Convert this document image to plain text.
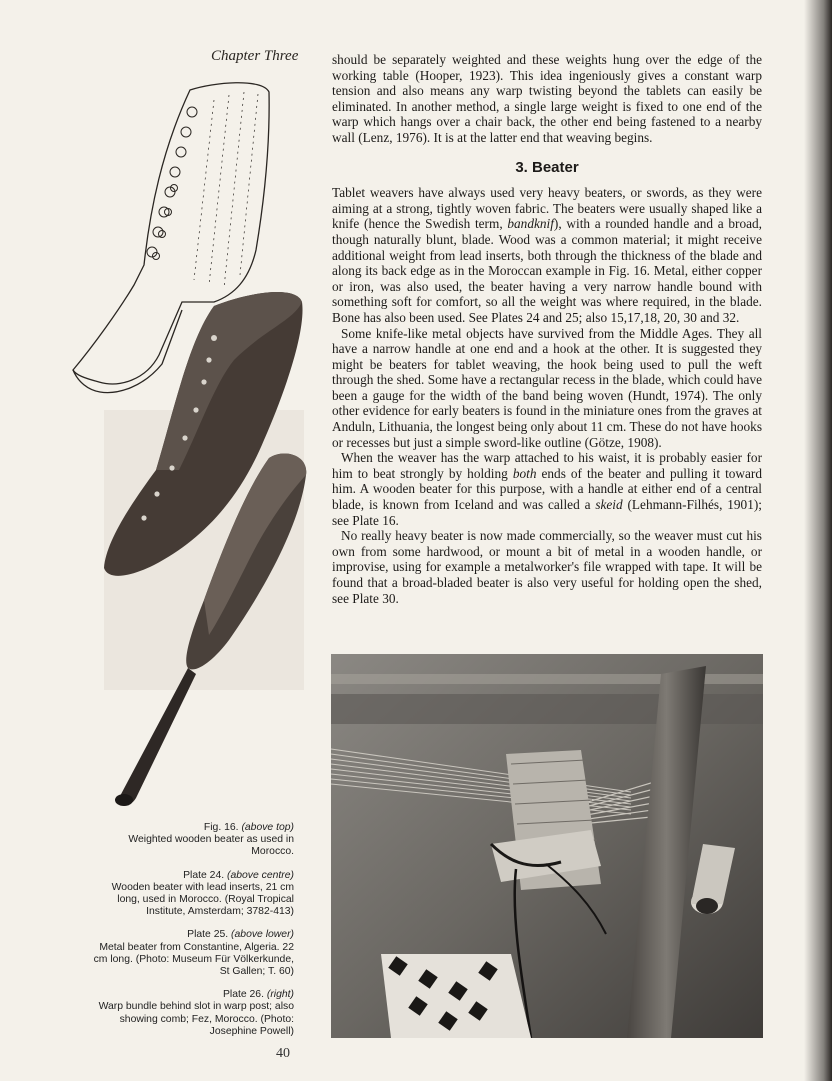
Chapter Three	should be separately weighted and these weights hung over the edge of the working table (Hooper, 1923). This idea ingeniously gives a constant warp tension and also means any warp twisting beyond the tablets can easily be eliminated. In another method, a single large weight is fixed to one end of the warp which hangs over a chair back, the other end being fastened to a nearby wall (Lenz, 1976). It is at the latter end that weaving begins.

3. Beater

Tablet weavers have always used very heavy beaters, or swords, as they were aiming at a strong, tightly woven fabric. The beaters were usually shaped like a knife (hence the Swedish term, bandknif), with a rounded handle and a broad, though naturally blunt, blade. Wood was a common material; it might receive additional weight from lead inserts, both through the thickness of the blade and along its back edge as in the Moroccan example in Fig. 16. Metal, either copper or iron, was also used, the beater having a very narrow handle bound with something soft for comfort, so all the weight was where required, in the blade. Bone has also been used. See Plates 24 and 25; also 15,17,18, 20, 30 and 32.

Some knife-like metal objects have survived from the Middle Ages. They all have a narrow handle at one end and a hook at the other. It is suggested they might be beaters for tablet weaving, the hook being used to pull the weft through the shed. Some have a rectangular recess in the blade, which could have been a gauge for the width of the band being woven (Hundt, 1974). The only other evidence for early beaters is found in the miniature ones from the graves at Anduln, Lithuania, the longest being only about 11 cm. These do not have hooks or recesses but just a simple sword-like outline (Götze, 1908).

When the weaver has the warp attached to his waist, it is probably easier for him to beat strongly by holding both ends of the beater and pulling it toward him. A wooden beater for this purpose, with a handle at either end of a central blade, is known from Iceland and was called a skeid (Lehmann-Filhés, 1901); see Plate 16.

No really heavy beater is now made commercially, so the weaver must cut his own from some hardwood, or mount a bit of metal in a wooden handle, or improvise, using for example a metalworker's file wrapped with tape. It will be found that a broad-bladed beater is also very useful for holding open the shed, see Plate 30.

Fig. 16. (above top)
Weighted wooden beater as used in Morocco.
Plate 24. (above centre)
Wooden beater with lead inserts, 21 cm long, used in Morocco. (Royal Tropical Institute, Amsterdam; 3782-413)
Plate 25. (above lower)
Metal beater from Constantine, Algeria. 22 cm long. (Photo: Museum Für Völkerkunde, St Gallen; T. 60)
Plate 26. (right)
Warp bundle behind slot in warp post; also showing comb; Fez, Morocco. (Photo: Josephine Powell)
40
